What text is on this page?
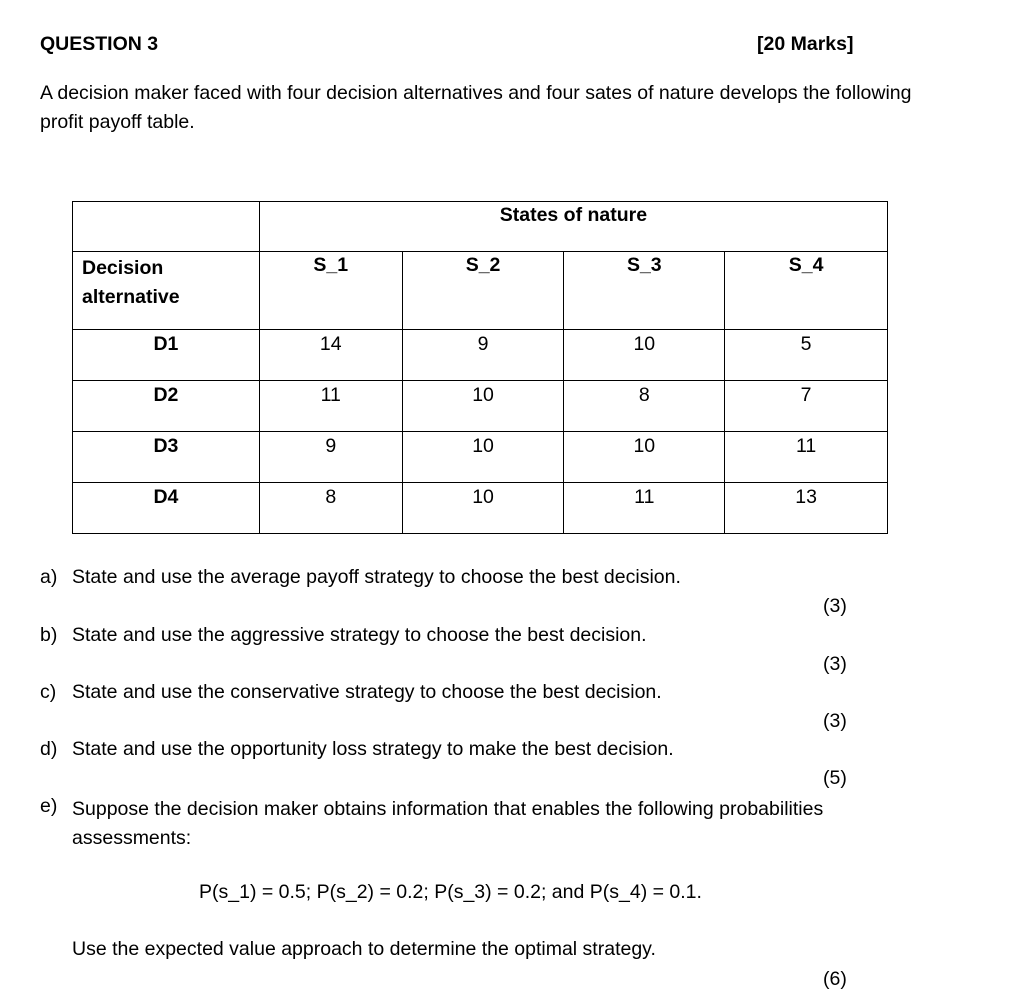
QUESTION 3	[20 Marks]
A decision maker faced with four decision alternatives and four sates of nature develops the following profit payoff table.
	States of nature			
Decision alternative	S_1	S_2	S_3	S_4
D1	14	9	10	5
D2	11	10	8	7
D3	9	10	10	11
D4	8	10	11	13
a) State and use the average payoff strategy to choose the best decision.
(3)
b) State and use the aggressive strategy to choose the best decision.
(3)
c) State and use the conservative strategy to choose the best decision.
(3)
d) State and use the opportunity loss strategy to make the best decision.
(5)
e) Suppose the decision maker obtains information that enables the following probabilities assessments:
P(s_1) = 0.5; P(s_2) = 0.2; P(s_3) = 0.2; and P(s_4) = 0.1.
Use the expected value approach to determine the optimal strategy.
(6)
